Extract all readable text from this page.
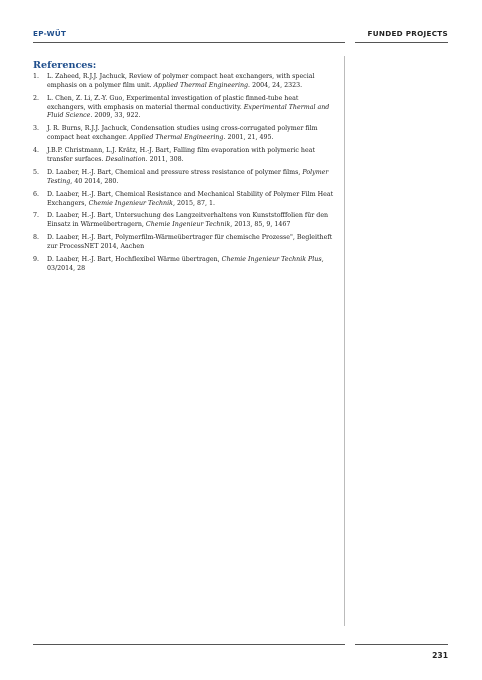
EP-WÜT	FUNDED PROJECTS
References:
1. L. Zaheed, R.J.J. Jachuck, Review of polymer compact heat exchangers, with special emphasis on a polymer film unit. Applied Thermal Engineering. 2004, 24, 2323.
2. L. Chen, Z. Li, Z.-Y. Guo, Experimental investigation of plastic finned-tube heat exchangers, with emphasis on material thermal conductivity. Experimental Thermal and Fluid Science. 2009, 33, 922.
3. J. R. Burns, R.J.J. Jachuck, Condensation studies using cross-corrugated polymer film compact heat exchanger. Applied Thermal Engineering. 2001, 21, 495.
4. J.B.P. Christmann, L.J. Krätz, H.-J. Bart, Falling film evaporation with polymeric heat transfer surfaces. Desalination. 2011, 308.
5. D. Laaber, H.-J. Bart, Chemical and pressure stress resistance of polymer films, Polymer Testing, 40 2014, 280.
6. D. Laaber, H.-J. Bart, Chemical Resistance and Mechanical Stability of Polymer Film Heat Exchangers, Chemie Ingenieur Technik, 2015, 87, 1.
7. D. Laaber, H.-J. Bart, Untersuchung des Langzeitverhaltens von Kunststofffolien für den Einsatz in Wärmeübertragern, Chemie Ingenieur Technik, 2013, 85, 9, 1467
8. D. Laaber, H.-J. Bart, Polymerfilm-Wärmeübertrager für chemische Prozesse", Begleitheft zur ProcessNET 2014, Aachen
9. D. Laaber, H.-J. Bart, Hochflexibel Wärme übertragen, Chemie Ingenieur Technik Plus, 03/2014, 28
231
